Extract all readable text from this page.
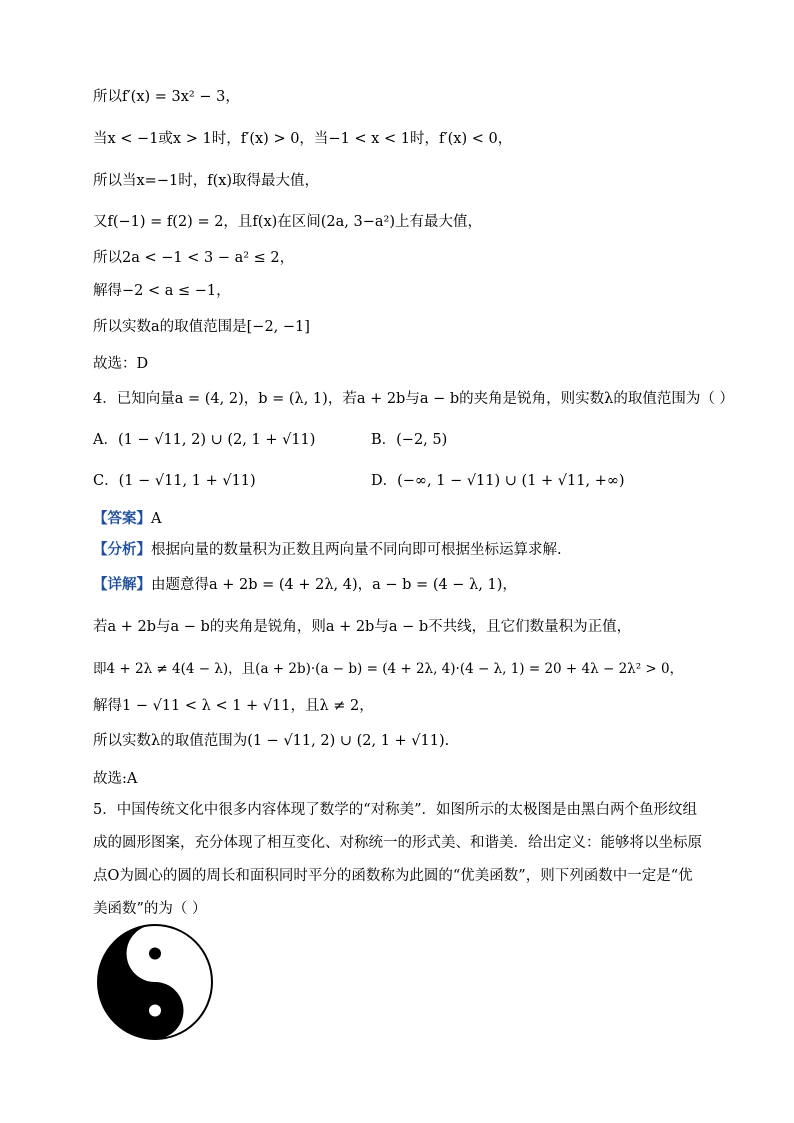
所以f′(x) = 3x² − 3，
当x < −1或x > 1时，f′(x) > 0，当−1 < x < 1时，f′(x) < 0，
所以当x=−1时，f(x)取得最大值，
又f(−1) = f(2) = 2，且f(x)在区间(2a, 3−a²)上有最大值，
所以2a < −1 < 3 − a² ≤ 2，
解得−2 < a ≤ −1，
所以实数a的取值范围是[−2, −1]
故选：D
4．已知向量a = (4, 2)，b = (λ, 1)，若a + 2b与a − b的夹角是锐角，则实数λ的取值范围为（ ）
A．(1 − √11, 2) ∪ (2, 1 + √11)	B．(−2, 5)
C．(1 − √11, 1 + √11)	D．(−∞, 1 − √11) ∪ (1 + √11, +∞)
【答案】A
【分析】根据向量的数量积为正数且两向量不同向即可根据坐标运算求解.
【详解】由题意得a + 2b = (4 + 2λ, 4)，a − b = (4 − λ, 1)，
若a + 2b与a − b的夹角是锐角，则a + 2b与a − b不共线，且它们数量积为正值，
即4 + 2λ ≠ 4(4 − λ)，且(a + 2b)·(a − b) = (4 + 2λ, 4)·(4 − λ, 1) = 20 + 4λ − 2λ² > 0，
解得1 − √11 < λ < 1 + √11，且λ ≠ 2，
所以实数λ的取值范围为(1 − √11, 2) ∪ (2, 1 + √11).
故选:A
5．中国传统文化中很多内容体现了数学的“对称美”．如图所示的太极图是由黑白两个鱼形纹组成的圆形图案，充分体现了相互变化、对称统一的形式美、和谐美．给出定义：能够将以坐标原点O为圆心的圆的周长和面积同时平分的函数称为此圆的“优美函数”，则下列函数中一定是“优美函数”的为（ ）
